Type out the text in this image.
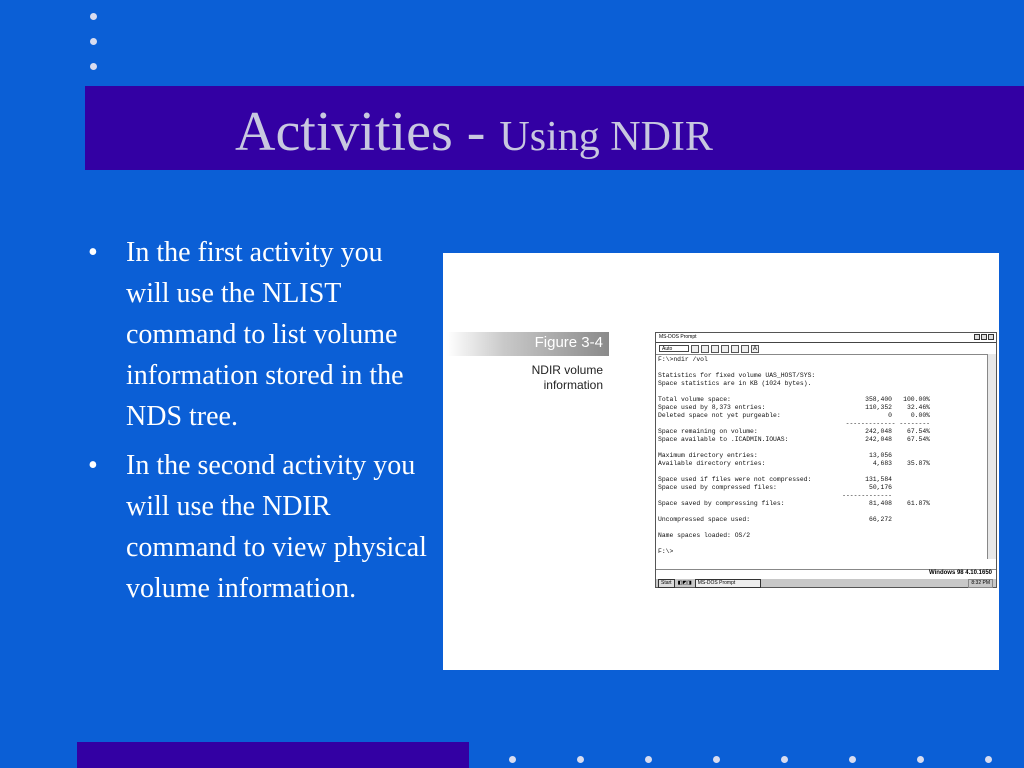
Activities - Using NDIR
• In the first activity you will use the NLIST command to list volume information stored in the NDS tree.
• In the second activity you will use the NDIR command to view physical volume information.
Figure 3-4
NDIR volume
information
MS-DOS Prompt
Auto	A
F:\>ndir /vol
Statistics for fixed volume UAS_HOST/SYS:
Space statistics are in KB (1024 bytes).
Total volume space:	358,400	100.00%
Space used by 8,373 entries:	110,352	32.46%
Deleted space not yet purgeable:	0	0.00%
------------- --------
Space remaining on volume:	242,048	67.54%
Space available to .ICADMIN.IOUAS:	242,048	67.54%
Maximum directory entries:	13,056
Available directory entries:	4,683	35.87%
Space used if files were not compressed:	131,584
Space used by compressed files:	50,176
-------------
Space saved by compressing files:	81,408	61.87%
Uncompressed space used:	66,272
Name spaces loaded: OS/2
F:\>
Windows 98 4.10.1650
Start	◧◩◨	MS-DOS Prompt	8:32 PM
